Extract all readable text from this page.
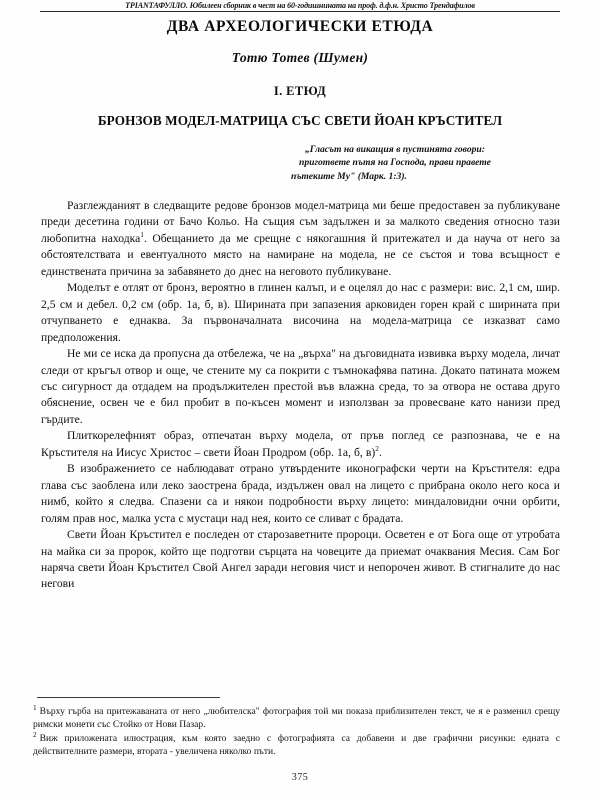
ТРIАNTАФУЛЛО. Юбилеен сборник в чест на 60-годишнината на проф. д.ф.н. Христо Трендафилов
ДВА АРХЕОЛОГИЧЕСКИ ЕТЮДА
Тотю Тотев (Шумен)
I. ЕТЮД
БРОНЗОВ МОДЕЛ-МАТРИЦА СЪС СВЕТИ ЙОАН КРЪСТИТЕЛ
„Гласът на викащия в пустинята говори:
пригответе пътя на Господа, прави правете
пътеките Му" (Марк. 1:3).

Разглежданият в следващите редове бронзов модел-матрица ми беше предоставен за публикуване преди десетина години от Бачо Кольо. На същия съм задължен и за малкото сведения относно тази любопитна находка$^1$. Обещанието да ме срещне с някогашния й притежател и да науча от него за обстоятелствата и евентуалното място на намиране на модела, не се състоя и това всъщност е единствената причина за забавянето до днес на неговото публикуване.

Моделът е отлят от бронз, вероятно в глинен калъп, и е оцелял до нас с размери: вис. 2,1 см, шир. 2,5 см и дебел. 0,2 см (обр. 1а, б, в). Ширината при запазения арковиден горен край с ширината при отчупването е еднаква. За първоначалната височина на модела-матрица се изказват само предположения.

Не ми се иска да пропусна да отбележа, че на „върха" на дъговидната извивка върху модела, личат следи от кръгъл отвор и още, че стените му са покрити с тъмнокафява патина. Докато патината можем със сигурност да отдадем на продължителен престой във влажна среда, то за отвора не остава друго обяснение, освен че е бил пробит в по-късен момент и използван за провесване като нанизи пред гърдите.

Плиткорелефният образ, отпечатан върху модела, от пръв поглед се разпознава, че е на Кръстителя на Иисус Христос – свети Йоан Продром (обр. 1а, б, в)$^2$.

В изображението се наблюдават отрано утвърдените иконографски черти на Кръстителя: едра глава със заоблена или леко заострена брада, издължен овал на лицето с прибрана около него коса и нимб, който я следва. Спазени са и някои подробности върху лицето: миндаловидни очни орбити, голям прав нос, малка уста с мустаци над нея, които се сливат с брадата.

Свети Йоан Кръстител е последен от старозаветните пророци. Осветен е от Бога още от утробата на майка си за пророк, който ще подготви сърцата на човеците да приемат очаквания Месия. Сам Бог наряча свети Йоан Кръстител Свой Ангел заради неговия чист и непорочен живот. В стигналите до нас негови

$^1$ Върху гърба на притежаваната от него „любителска" фотография той ми показа приблизителен текст, че я е разменил срещу римски монети със Стойко от Нови Пазар.

$^2$ Виж приложената илюстрация, към която заедно с фотографията са добавени и две графични рисунки: едната с действителните размери, втората - увеличена няколко пъти.

375
